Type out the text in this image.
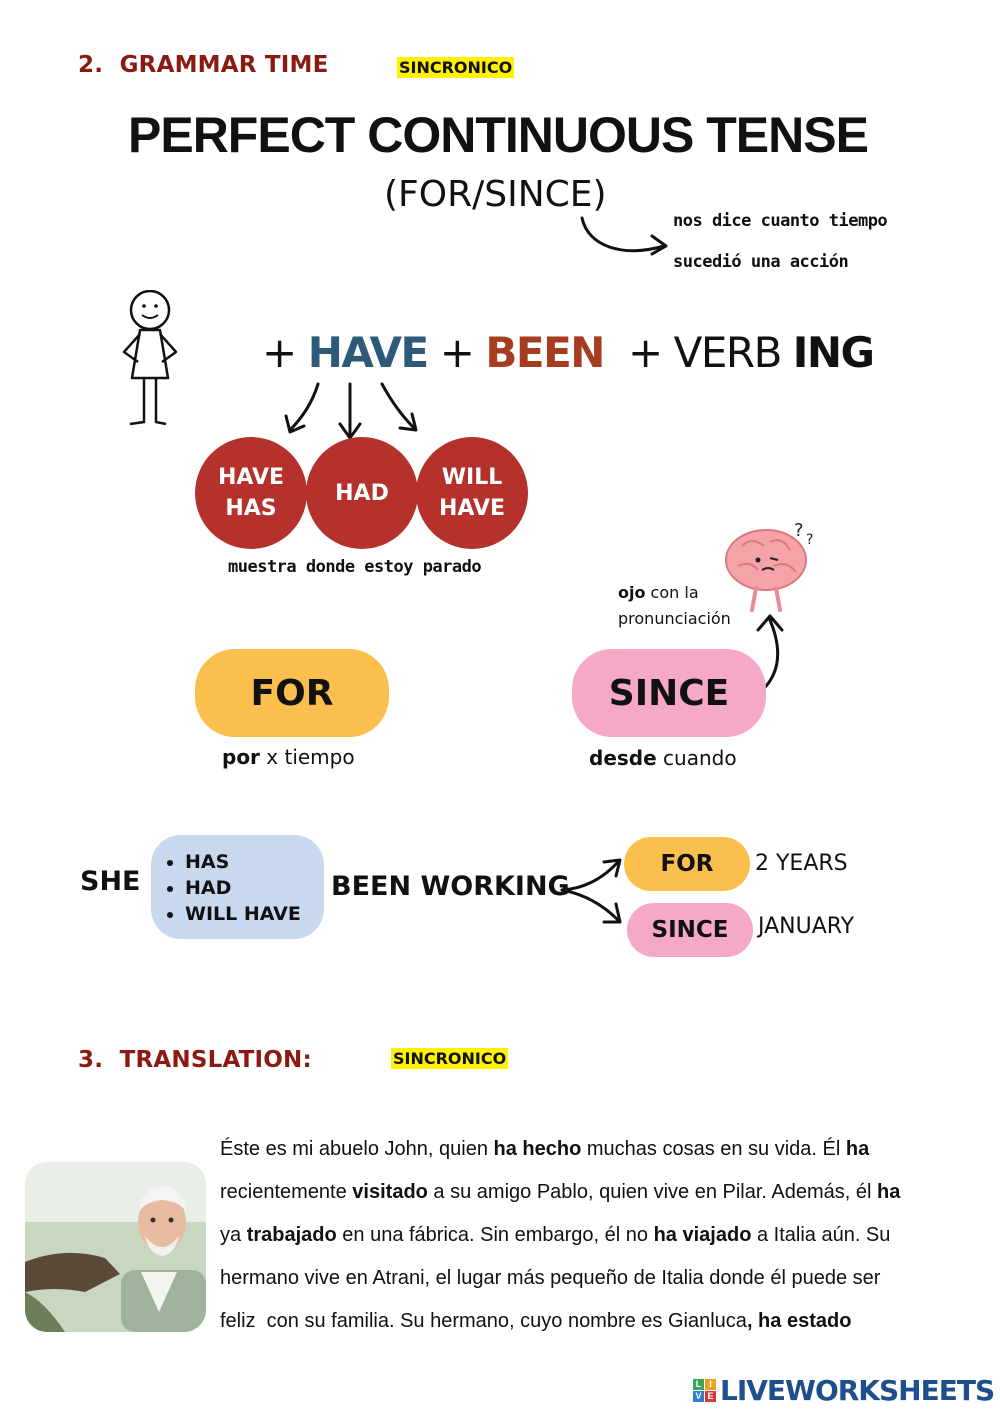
2. GRAMMAR TIME	SINCRONICO
PERFECT CONTINUOUS TENSE
(FOR/SINCE)
nos dice cuanto tiempo
sucedió una acción
+ HAVE + BEEN + VERB ING
HAVE
HAS
HAD
WILL
HAVE
muestra donde estoy parado
? ?
ojo con la
pronunciación
FOR
por x tiempo
SINCE
desde cuando
SHE
• HAS
• HAD
• WILL HAVE
BEEN WORKING
FOR	2 YEARS
SINCE	JANUARY
3. TRANSLATION:	SINCRONICO
Éste es mi abuelo John, quien ha hecho muchas cosas en su vida. Él ha
recientemente visitado a su amigo Pablo, quien vive en Pilar. Además, él ha
ya trabajado en una fábrica. Sin embargo, él no ha viajado a Italia aún. Su
hermano vive en Atrani, el lugar más pequeño de Italia donde él puede ser
feliz  con su familia. Su hermano, cuyo nombre es Gianluca, ha estado
L I
V E LIVEWORKSHEETS
